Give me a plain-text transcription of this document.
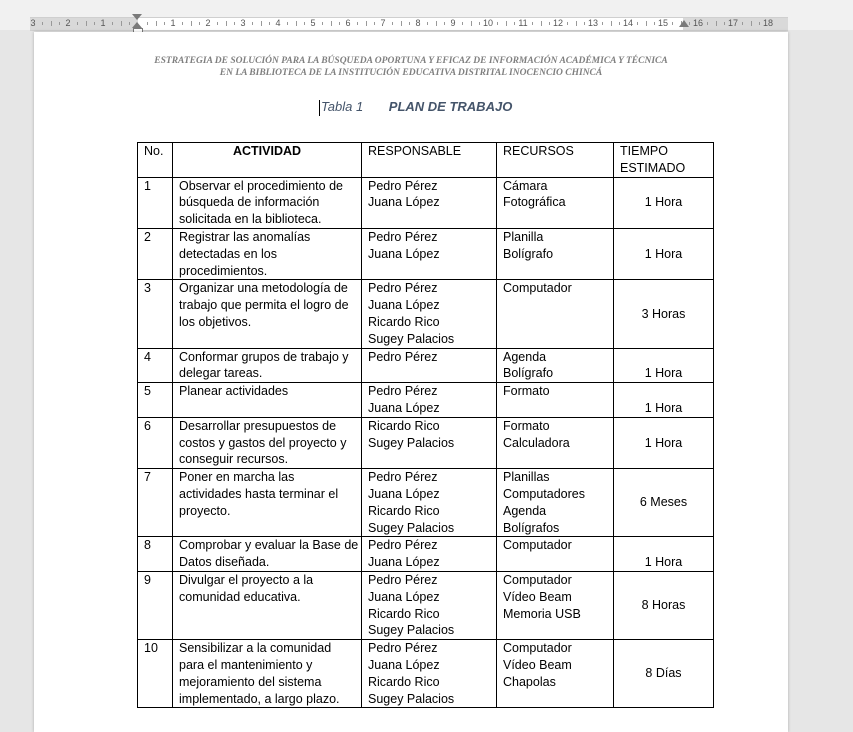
3	2	1	1	2	3	4	5	6	7	8	9	10	11	12	13	14	15	16	17	18
ESTRATEGIA DE SOLUCIÓN PARA LA BÚSQUEDA OPORTUNA Y EFICAZ DE INFORMACIÓN ACADÉMICA Y TÉCNICA
EN LA BIBLIOTECA DE LA INSTITUCIÓN EDUCATIVA DISTRITAL INOCENCIO CHINCÁ
Tabla 1 PLAN DE TRABAJO
No.	ACTIVIDAD	RESPONSABLE	RECURSOS	TIEMPO
ESTIMADO

1	Observar el procedimiento de
búsqueda de información
solicitada en la biblioteca.	Pedro Pérez
Juana López	Cámara
Fotográfica	1 Hora
2	Registrar las anomalías
detectadas en los
procedimientos.	Pedro Pérez
Juana López	Planilla
Bolígrafo	1 Hora
3	Organizar una metodología de
trabajo que permita el logro de
los objetivos.	Pedro Pérez
Juana López
Ricardo Rico
Sugey Palacios	Computador	3 Horas
4	Conformar grupos de trabajo y
delegar tareas.	Pedro Pérez	Agenda
Bolígrafo	1 Hora
5	Planear actividades	Pedro Pérez
Juana López	Formato	1 Hora
6	Desarrollar presupuestos de
costos y gastos del proyecto y
conseguir recursos.	Ricardo Rico
Sugey Palacios	Formato
Calculadora	1 Hora
7	Poner en marcha las
actividades hasta terminar el
proyecto.	Pedro Pérez
Juana López
Ricardo Rico
Sugey Palacios	Planillas
Computadores
Agenda
Bolígrafos	6 Meses
8	Comprobar y evaluar la Base de
Datos diseñada.	Pedro Pérez
Juana López	Computador	1 Hora
9	Divulgar el proyecto a la
comunidad educativa.	Pedro Pérez
Juana López
Ricardo Rico
Sugey Palacios	Computador
Vídeo Beam
Memoria USB	8 Horas
10	Sensibilizar a la comunidad
para el mantenimiento y
mejoramiento del sistema
implementado, a largo plazo.	Pedro Pérez
Juana López
Ricardo Rico
Sugey Palacios	Computador
Vídeo Beam
Chapolas	8 Días
